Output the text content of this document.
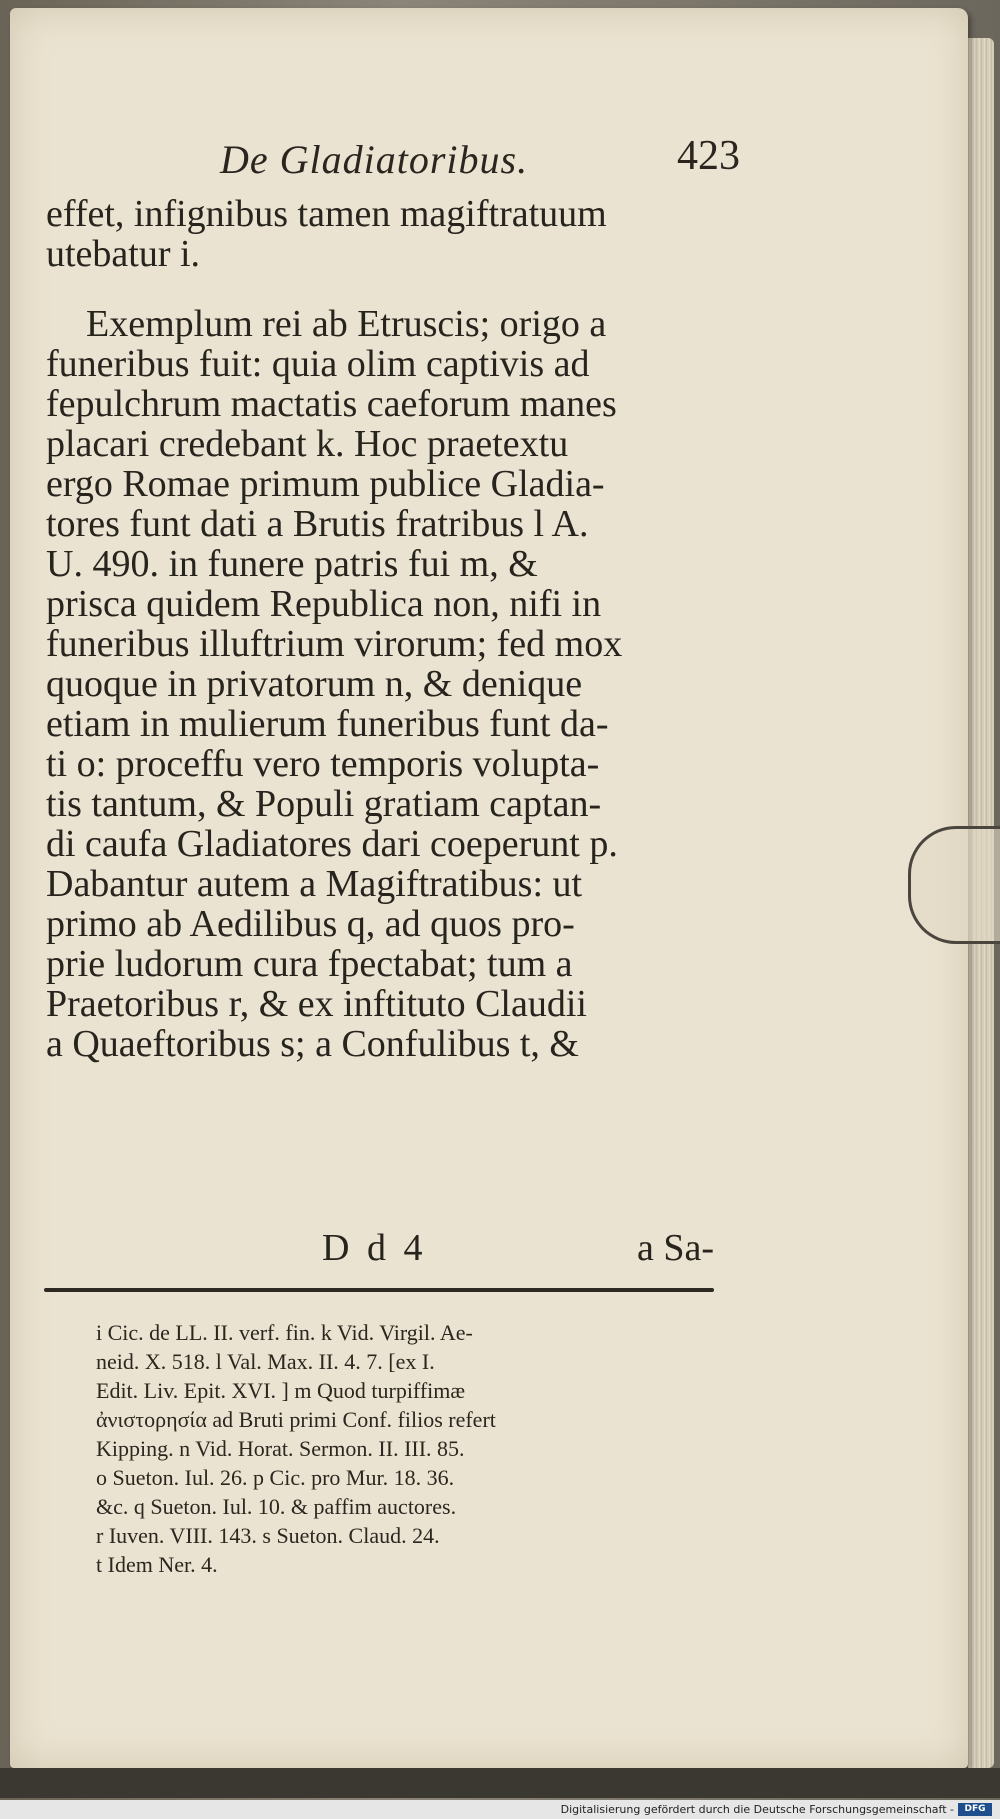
De Gladiatoribus.	423
effet, infignibus tamen magiftratuum
utebatur i.
Exemplum rei ab Etruscis; origo a
funeribus fuit: quia olim captivis ad
fepulchrum mactatis caeforum manes
placari credebant k. Hoc praetextu
ergo Romae primum publice Gladia-
tores funt dati a Brutis fratribus l A.
U. 490. in funere patris fui m, &
prisca quidem Republica non, nifi in
funeribus illuftrium virorum; fed mox
quoque in privatorum n, & denique
etiam in mulierum funeribus funt da-
ti o: proceffu vero temporis volupta-
tis tantum, & Populi gratiam captan-
di caufa Gladiatores dari coeperunt p.
Dabantur autem a Magiftratibus: ut
primo ab Aedilibus q, ad quos pro-
prie ludorum cura fpectabat; tum a
Praetoribus r, & ex inftituto Claudii
a Quaeftoribus s; a Confulibus t, &
D d 4	a Sa-
i Cic. de LL. II. verf. fin. k Vid. Virgil. Ae-
neid. X. 518. l Val. Max. II. 4. 7. [ex I.
Edit. Liv. Epit. XVI. ] m Quod turpiffimæ
ἀνιστορησία ad Bruti primi Conf. filios refert
Kipping. n Vid. Horat. Sermon. II. III. 85.
o Sueton. Iul. 26. p Cic. pro Mur. 18. 36.
&c. q Sueton. Iul. 10. & paffim auctores.
r Iuven. VIII. 143. s Sueton. Claud. 24.
t Idem Ner. 4.
Digitalisierung gefördert durch die Deutsche Forschungsgemeinschaft -	DFG
